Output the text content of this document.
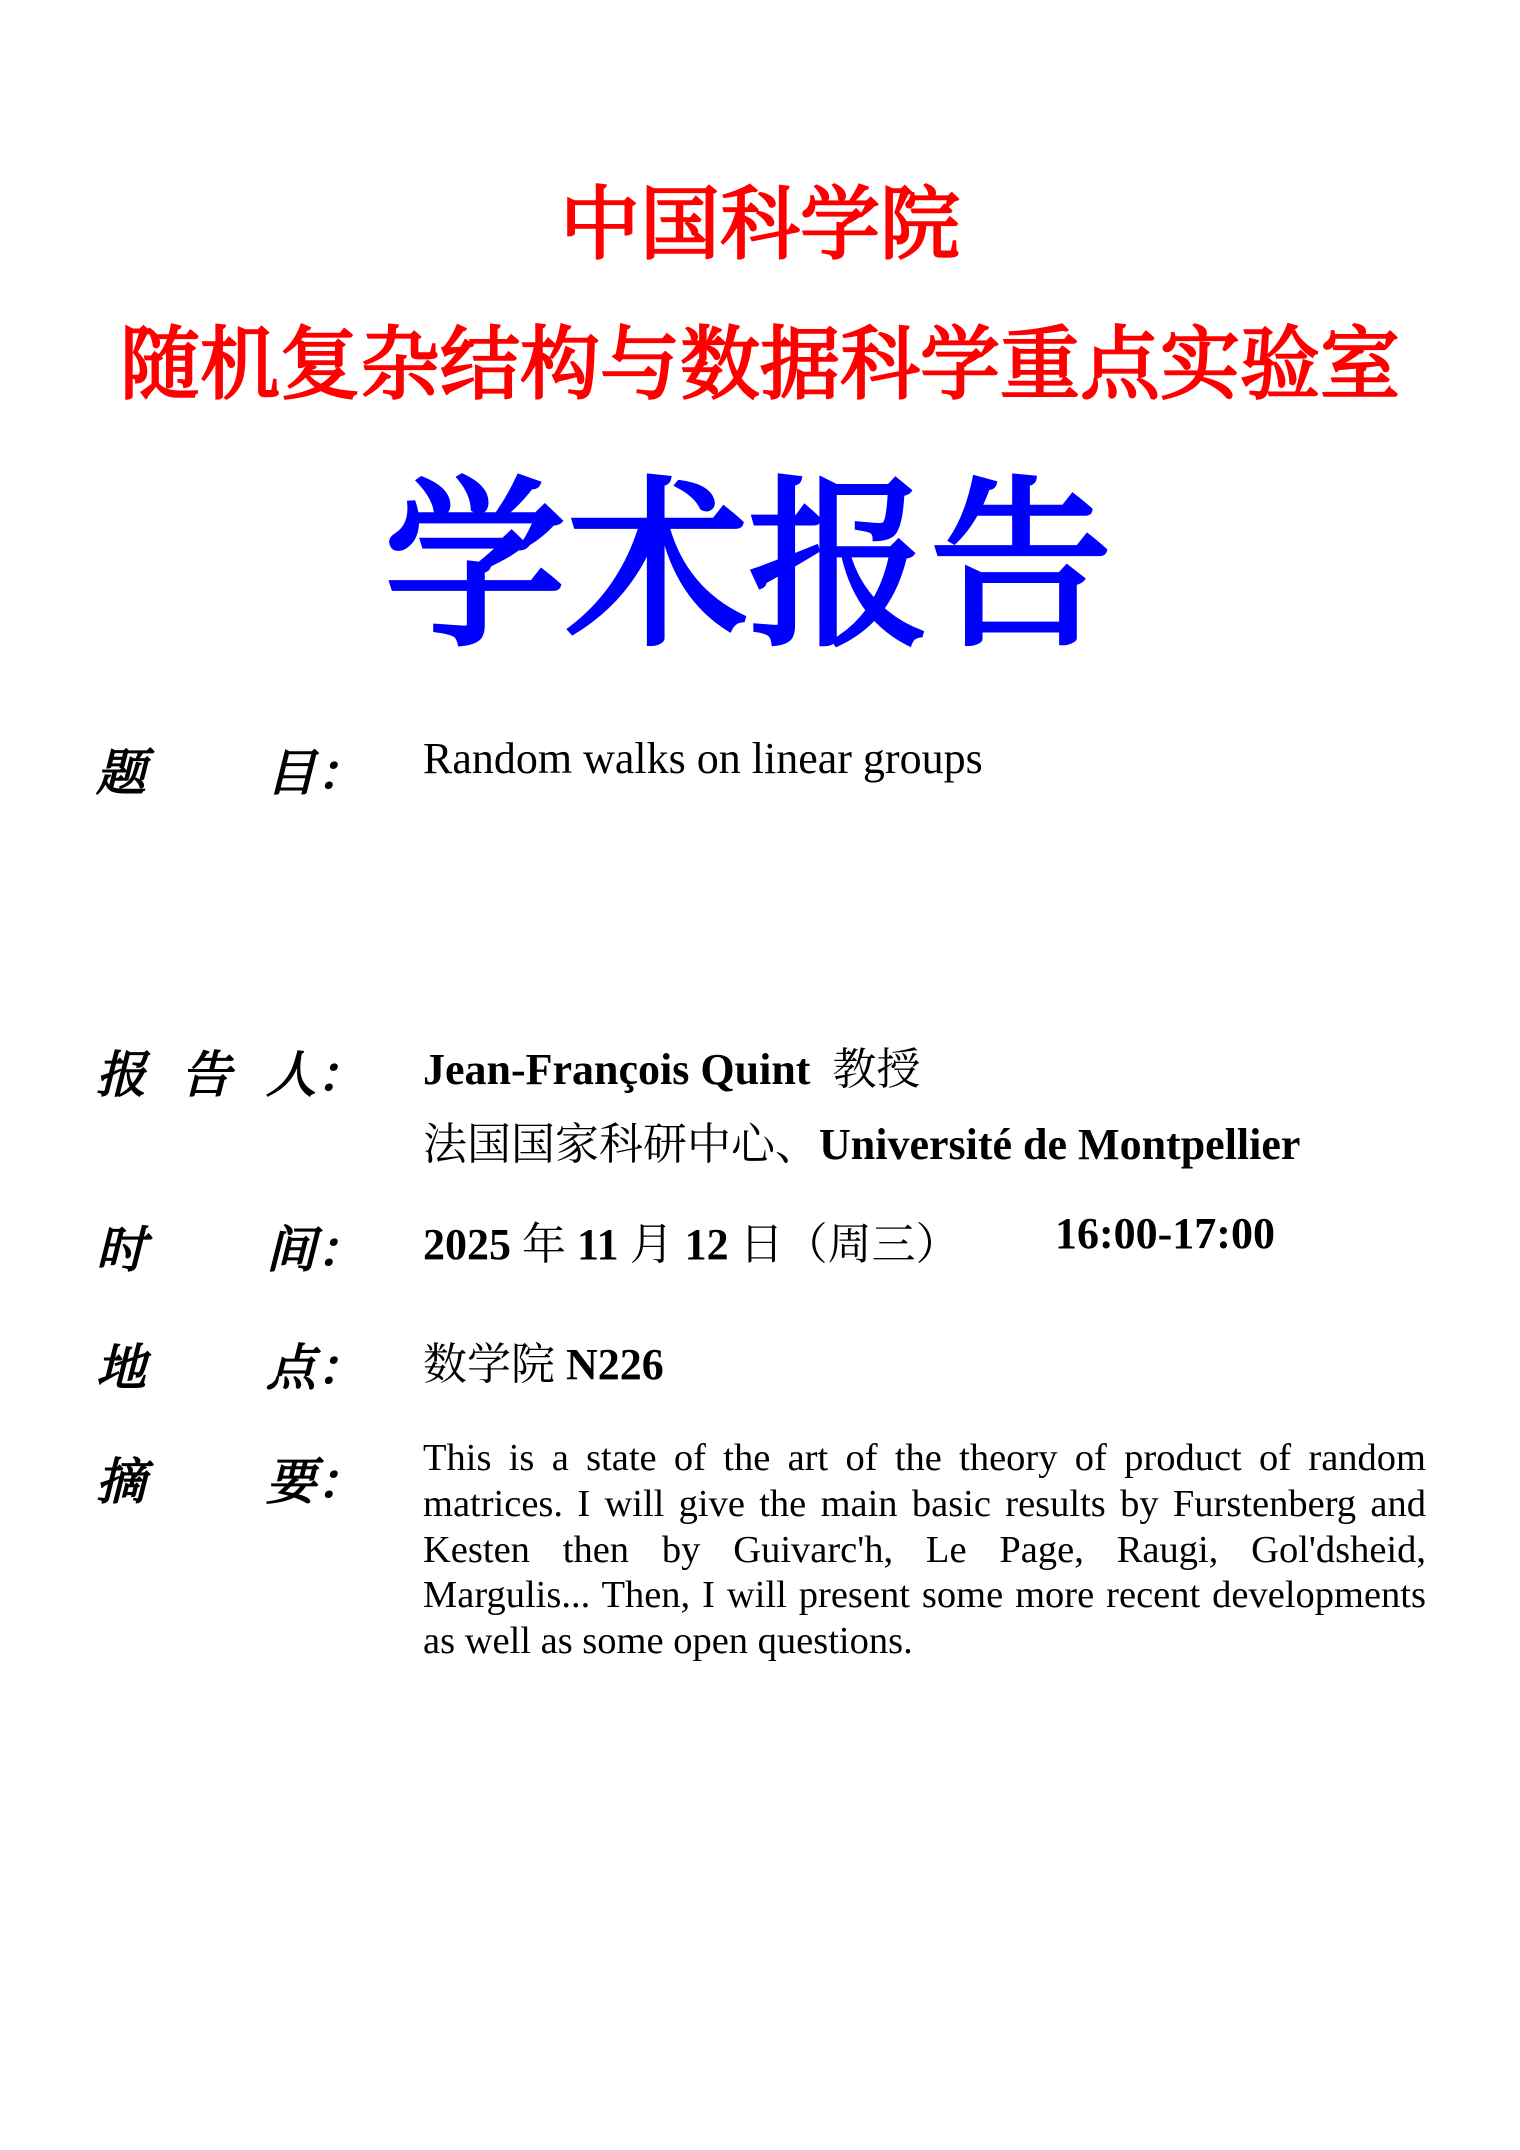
中国科学院
随机复杂结构与数据科学重点实验室
学术报告
题 目： Random walks on linear groups
报 告 人： Jean-François Quint 教授
法国国家科研中心、Université de Montpellier
时 间： 2025 年 11 月 12 日（周三） 16:00-17:00
地 点： 数学院 N226
摘 要： This is a state of the art of the theory of product of random matrices. I will give the main basic results by Furstenberg and Kesten then by Guivarc'h, Le Page, Raugi, Gol'dsheid, Margulis... Then, I will present some more recent developments as well as some open questions.
